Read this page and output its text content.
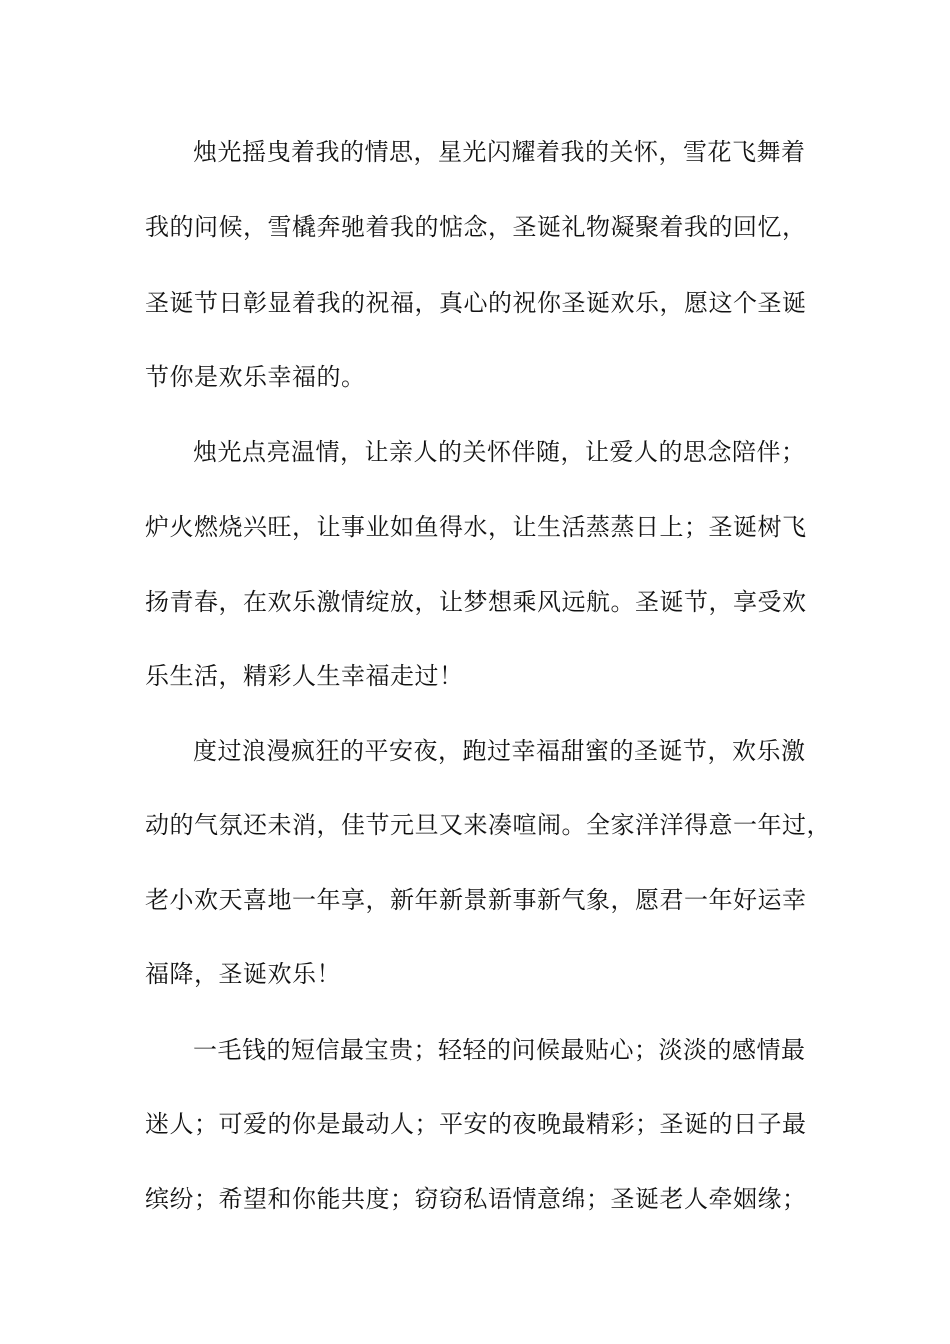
烛光摇曳着我的情思，星光闪耀着我的关怀，雪花飞舞着
我的问候，雪橇奔驰着我的惦念，圣诞礼物凝聚着我的回忆，
圣诞节日彰显着我的祝福，真心的祝你圣诞欢乐，愿这个圣诞
节你是欢乐幸福的。
烛光点亮温情，让亲人的关怀伴随，让爱人的思念陪伴；
炉火燃烧兴旺，让事业如鱼得水，让生活蒸蒸日上；圣诞树飞
扬青春，在欢乐激情绽放，让梦想乘风远航。圣诞节，享受欢
乐生活，精彩人生幸福走过！
度过浪漫疯狂的平安夜，跑过幸福甜蜜的圣诞节，欢乐激
动的气氛还未消，佳节元旦又来凑喧闹。全家洋洋得意一年过，
老小欢天喜地一年享，新年新景新事新气象，愿君一年好运幸
福降，圣诞欢乐！
一毛钱的短信最宝贵；轻轻的问候最贴心；淡淡的感情最
迷人；可爱的你是最动人；平安的夜晚最精彩；圣诞的日子最
缤纷；希望和你能共度；窃窃私语情意绵；圣诞老人牵姻缘；
